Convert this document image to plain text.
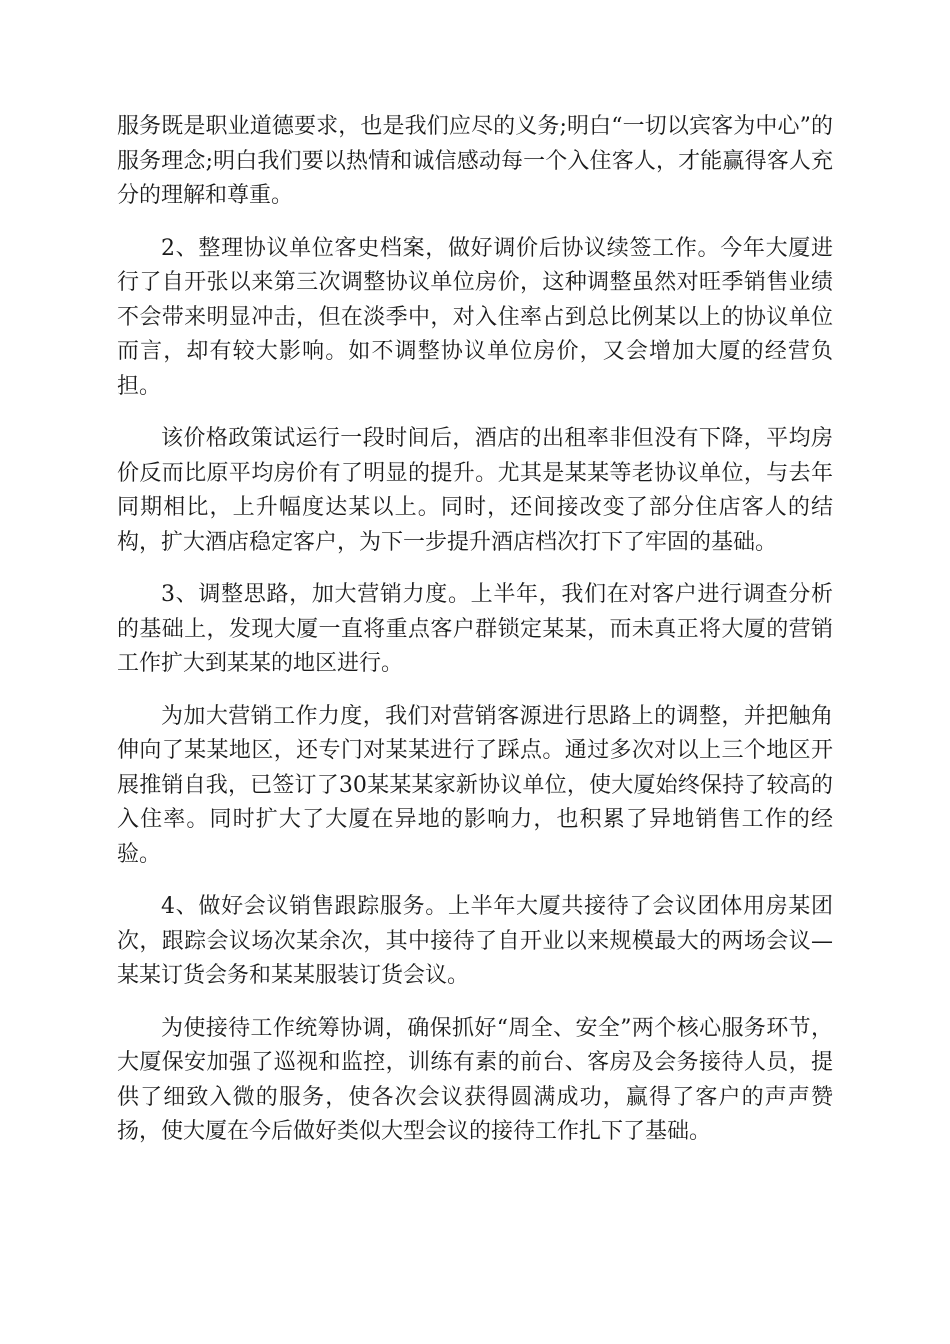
服务既是职业道德要求，也是我们应尽的义务;明白“一切以宾客为中心”的服务理念;明白我们要以热情和诚信感动每一个入住客人，才能赢得客人充分的理解和尊重。

2、整理协议单位客史档案，做好调价后协议续签工作。今年大厦进行了自开张以来第三次调整协议单位房价，这种调整虽然对旺季销售业绩不会带来明显冲击，但在淡季中，对入住率占到总比例某以上的协议单位而言，却有较大影响。如不调整协议单位房价，又会增加大厦的经营负担。

该价格政策试运行一段时间后，酒店的出租率非但没有下降，平均房价反而比原平均房价有了明显的提升。尤其是某某等老协议单位，与去年同期相比，上升幅度达某以上。同时，还间接改变了部分住店客人的结构，扩大酒店稳定客户，为下一步提升酒店档次打下了牢固的基础。

3、调整思路，加大营销力度。上半年，我们在对客户进行调查分析的基础上，发现大厦一直将重点客户群锁定某某，而未真正将大厦的营销工作扩大到某某的地区进行。

为加大营销工作力度，我们对营销客源进行思路上的调整，并把触角伸向了某某地区，还专门对某某进行了踩点。通过多次对以上三个地区开展推销自我，已签订了30某某某家新协议单位，使大厦始终保持了较高的入住率。同时扩大了大厦在异地的影响力，也积累了异地销售工作的经验。

4、做好会议销售跟踪服务。上半年大厦共接待了会议团体用房某团次，跟踪会议场次某余次，其中接待了自开业以来规模最大的两场会议—某某订货会务和某某服装订货会议。

为使接待工作统筹协调，确保抓好“周全、安全”两个核心服务环节，大厦保安加强了巡视和监控，训练有素的前台、客房及会务接待人员，提供了细致入微的服务，使各次会议获得圆满成功，赢得了客户的声声赞扬，使大厦在今后做好类似大型会议的接待工作扎下了基础。
